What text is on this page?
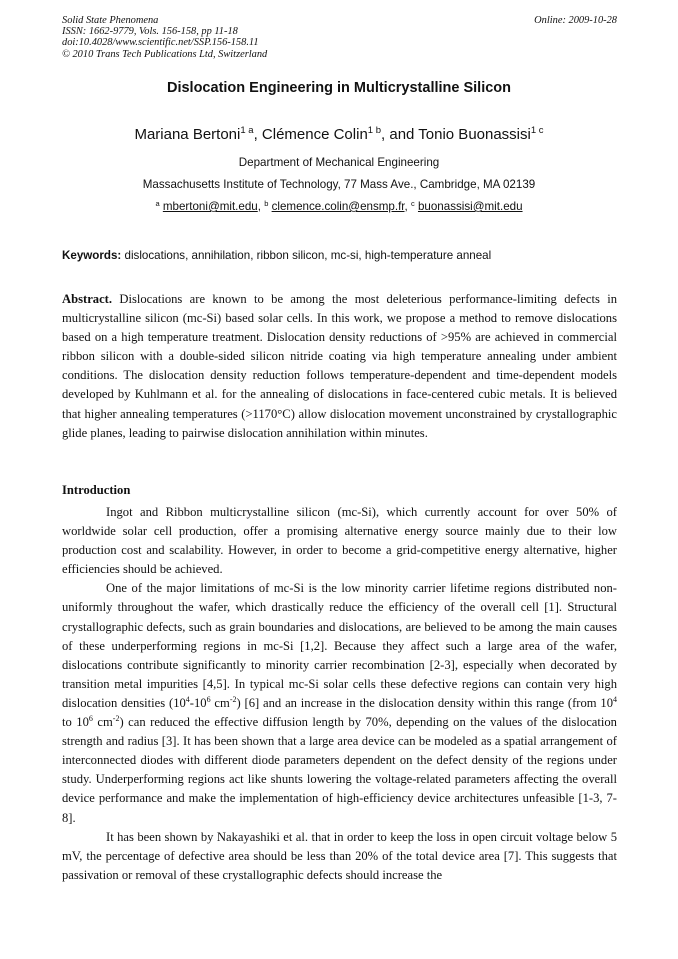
Solid State Phenomena
ISSN: 1662-9779, Vols. 156-158, pp 11-18
doi:10.4028/www.scientific.net/SSP.156-158.11
© 2010 Trans Tech Publications Ltd, Switzerland
Online: 2009-10-28
Dislocation Engineering in Multicrystalline Silicon
Mariana Bertoni$^{1 a}$, Clémence Colin$^{1 b}$, and Tonio Buonassisi$^{1 c}$
Department of Mechanical Engineering
Massachusetts Institute of Technology, 77 Mass Ave., Cambridge, MA 02139
$^a$ mbertoni@mit.edu, $^b$ clemence.colin@ensmp.fr, $^c$ buonassisi@mit.edu
Keywords: dislocations, annihilation, ribbon silicon, mc-si, high-temperature anneal

Abstract. Dislocations are known to be among the most deleterious performance-limiting defects in multicrystalline silicon (mc-Si) based solar cells. In this work, we propose a method to remove dislocations based on a high temperature treatment. Dislocation density reductions of >95% are achieved in commercial ribbon silicon with a double-sided silicon nitride coating via high temperature annealing under ambient conditions. The dislocation density reduction follows temperature-dependent and time-dependent models developed by Kuhlmann et al. for the annealing of dislocations in face-centered cubic metals. It is believed that higher annealing temperatures (>1170°C) allow dislocation movement unconstrained by crystallographic glide planes, leading to pairwise dislocation annihilation within minutes.

Introduction

Ingot and Ribbon multicrystalline silicon (mc-Si), which currently account for over 50% of worldwide solar cell production, offer a promising alternative energy source mainly due to their low production cost and scalability. However, in order to become a grid-competitive energy alternative, higher efficiencies should be achieved.

One of the major limitations of mc-Si is the low minority carrier lifetime regions distributed non-uniformly throughout the wafer, which drastically reduce the efficiency of the overall cell [1]. Structural crystallographic defects, such as grain boundaries and dislocations, are believed to be among the main causes of these underperforming regions in mc-Si [1,2]. Because they affect such a large area of the wafer, dislocations contribute significantly to minority carrier recombination [2-3], especially when decorated by transition metal impurities [4,5]. In typical mc-Si solar cells these defective regions can contain very high dislocation densities ($10^4-10^6$ $cm^{-2}$) [6] and an increase in the dislocation density within this range (from $10^4$ to $10^6$ $cm^{-2}$) can reduced the effective diffusion length by 70%, depending on the values of the dislocation strength and radius [3]. It has been shown that a large area device can be modeled as a spatial arrangement of interconnected diodes with different diode parameters dependent on the defect density of the regions under study. Underperforming regions act like shunts lowering the voltage-related parameters affecting the overall device performance and make the implementation of high-efficiency device architectures unfeasible [1-3, 7-8].

It has been shown by Nakayashiki et al. that in order to keep the loss in open circuit voltage below 5 mV, the percentage of defective area should be less than 20% of the total device area [7]. This suggests that passivation or removal of these crystallographic defects should increase the
